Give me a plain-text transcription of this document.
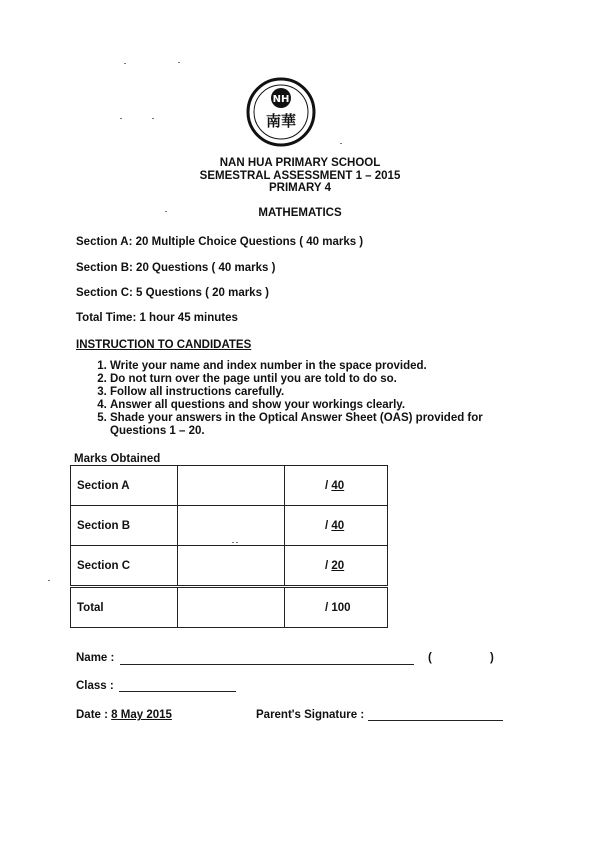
NH
南華
NAN HUA PRIMARY SCHOOL
SEMESTRAL ASSESSMENT 1 – 2015
PRIMARY 4
MATHEMATICS
Section A: 20 Multiple Choice Questions ( 40 marks )
Section B: 20 Questions ( 40 marks )
Section C: 5 Questions ( 20 marks )
Total Time: 1 hour 45 minutes
INSTRUCTION TO CANDIDATES
1. Write your name and index number in the space provided.
2. Do not turn over the page until you are told to do so.
3. Follow all instructions carefully.
4. Answer all questions and show your workings clearly.
5. Shade your answers in the Optical Answer Sheet (OAS) provided for Questions 1 – 20.
Marks Obtained
Section A		/ 40
Section B		/ 40
Section C		/ 20
Total		/ 100
Name :	(	)
Class :
Date : 8 May 2015	Parent's Signature :
